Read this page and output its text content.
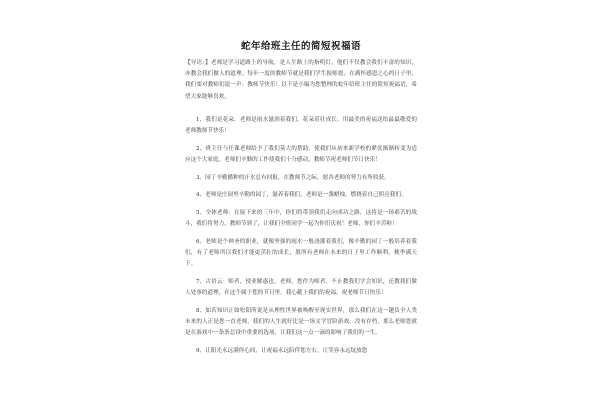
蛇年给班主任的简短祝福语

【导语：】老师是学习道路上的导航，是人生路上的指明灯，他们不仅教会我们丰富的知识，亦教会我们做人的道理。每年一度的教师节就是我们学生报师恩、在满怀感恩之心的日子里，我们要对教师们说一声：教师节快乐！以下是小编为您整理的蛇年给班主任的简短祝福语，希望大家能够喜欢。

1、我们是花朵，老师是雨水滋润着我们，花朵茁壮成长。用最美的祝福送给最最敬爱的老师教师节快乐！

2、班主任与任课老师给予了我们莫大的帮助，使我们从初来新学校的紧张渐渐转变为适应这个大家庭。老师们辛勤的工作使我们十分感动，教师节祝老师们节日快乐！

3、园丁辛勤播种的汗水总有回报，在教师节之际，愿各老师的努力有所收获。

4、老师是庄园里辛勤的园丁，滋养着我们，老师是一盏蜡烛，燃烧着自己照亮我们。

5、全体老师：在接下来的三年中，你们将带领我们走向成功之路，这将是一场艰苦的战斗，我们将努力，教师节到了，让我们全班同学一起为你们庆祝！老师，你们辛苦啦！

6、老师是个神圣的职业，就像坚强的雨水一般浇灌着我们，像辛勤的园丁一般培养着我们，有了老师所以我们才能更茁壮的成长，愿所有老师在未来的日子里工作顺利，桃李满天下。

7、古语云：师者，授业解惑也。老师，您作为师者，不止教我们学会知识，还教我们做人处事的道理，在这个属于您的节日里，我心献上我们的祝福，祝老师节日快乐！

8、如若知识正如松阳所说是从理性世界被唤醒至现实世界，那么我们在这一趟负全人类未来的人正是您一直老师，我们的人生就好比是一场文学冒险游戏，没有存档，那么老师您就是在游戏中一条条总设中重要的选项，让我们这一点一滴的影响了我们的一生。

9、让阳光永远满你心间，让祝福永远陪伴您左右，让笑容永远绽放您
